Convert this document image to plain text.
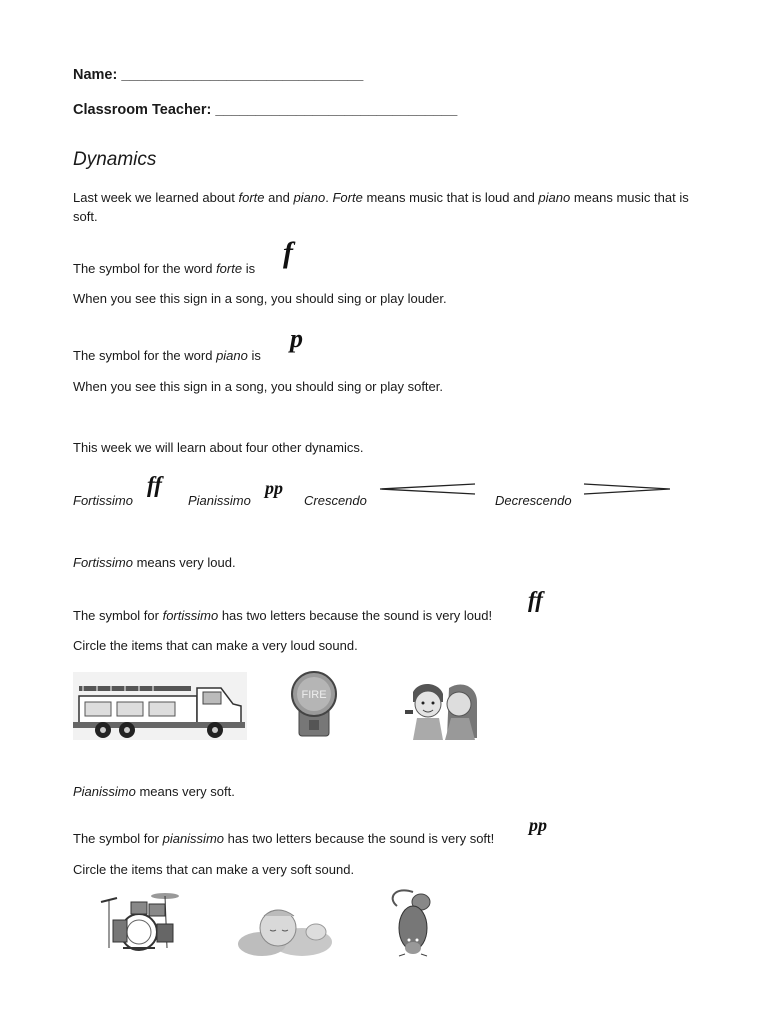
Name: ______________________________
Classroom Teacher: ______________________________
Dynamics
Last week we learned about forte and piano. Forte means music that is loud and piano means music that is soft.
The symbol for the word forte is f
When you see this sign in a song, you should sing or play louder.
The symbol for the word piano is
p
When you see this sign in a song, you should sing or play softer.
This week we will learn about four other dynamics.
Fortissimo
ff
Pianissimo
pp
Crescendo	Decrescendo
Fortissimo means very loud.
The symbol for fortissimo has two letters because the sound is very loud!
ff
Circle the items that can make a very loud sound.
FIRE
Pianissimo means very soft.
The symbol for pianissimo has two letters because the sound is very soft!
pp
Circle the items that can make a very soft sound.
